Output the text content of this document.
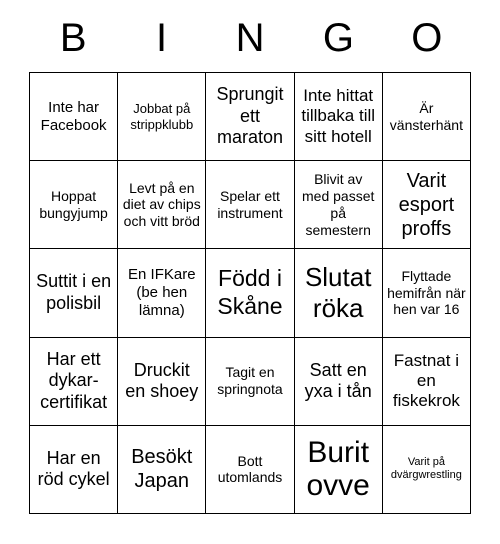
B	I	N	G	O
Inte har Facebook
Jobbat på strippklubb
Sprungit ett maraton
Inte hittat tillbaka till sitt hotell
Är vänsterhänt
Hoppat bungyjump
Levt på en diet av chips och vitt bröd
Spelar ett instrument
Blivit av med passet på semestern
Varit esport proffs
Suttit i en polisbil
En IFKare (be hen lämna)
Född i Skåne
Slutat röka
Flyttade hemifrån när hen var 16
Har ett dykar-certifikat
Druckit en shoey
Tagit en springnota
Satt en yxa i tån
Fastnat i en fiskekrok
Har en röd cykel
Besökt Japan
Bott utomlands
Burit ovve
Varit på dvärgwrestling
